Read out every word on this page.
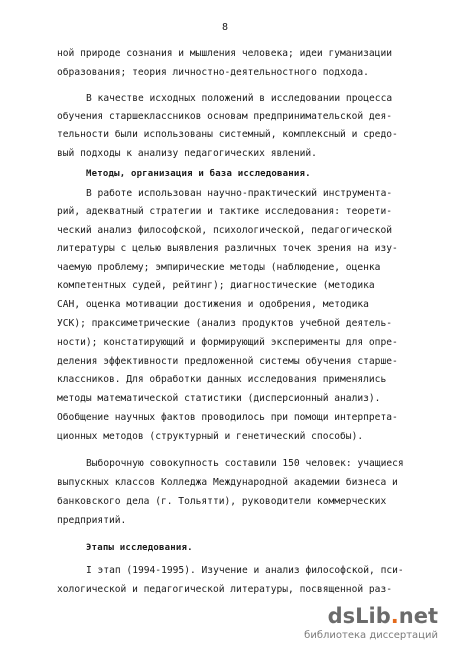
8
ной природе сознания и мышления человека; идеи гуманизации
образования; теория личностно-деятельностного подхода.
В качестве исходных положений в исследовании процесса
обучения старшеклассников основам предпринимательской дея-
тельности были использованы системный, комплексный и средо-
вый подходы к анализу педагогических явлений.
Методы, организация и база исследования.
В работе использован научно-практический инструмента-
рий, адекватный стратегии и тактике исследования: теорети-
ческий анализ философской, психологической, педагогической
литературы с целью выявления различных точек зрения на изу-
чаемую проблему; эмпирические методы (наблюдение, оценка
компетентных судей, рейтинг); диагностические (методика
САН, оценка мотивации достижения и одобрения, методика
УСК); праксиметрические (анализ продуктов учебной деятель-
ности); констатирующий и формирующий эксперименты для опре-
деления эффективности предложенной системы обучения старше-
классников. Для обработки данных исследования применялись
методы математической статистики (дисперсионный анализ).
Обобщение научных фактов проводилось при помощи интерпрета-
ционных методов (структурный и генетический способы).
Выборочную совокупность составили 150 человек: учащиеся
выпускных классов Колледжа Международной академии бизнеса и
банковского дела (г. Тольятти), руководители коммерческих
предприятий.
Этапы исследования.
I этап (1994-1995). Изучение и анализ философской, пси-
хологической и педагогической литературы, посвященной раз-
dsLib.net
библиотека диссертаций
